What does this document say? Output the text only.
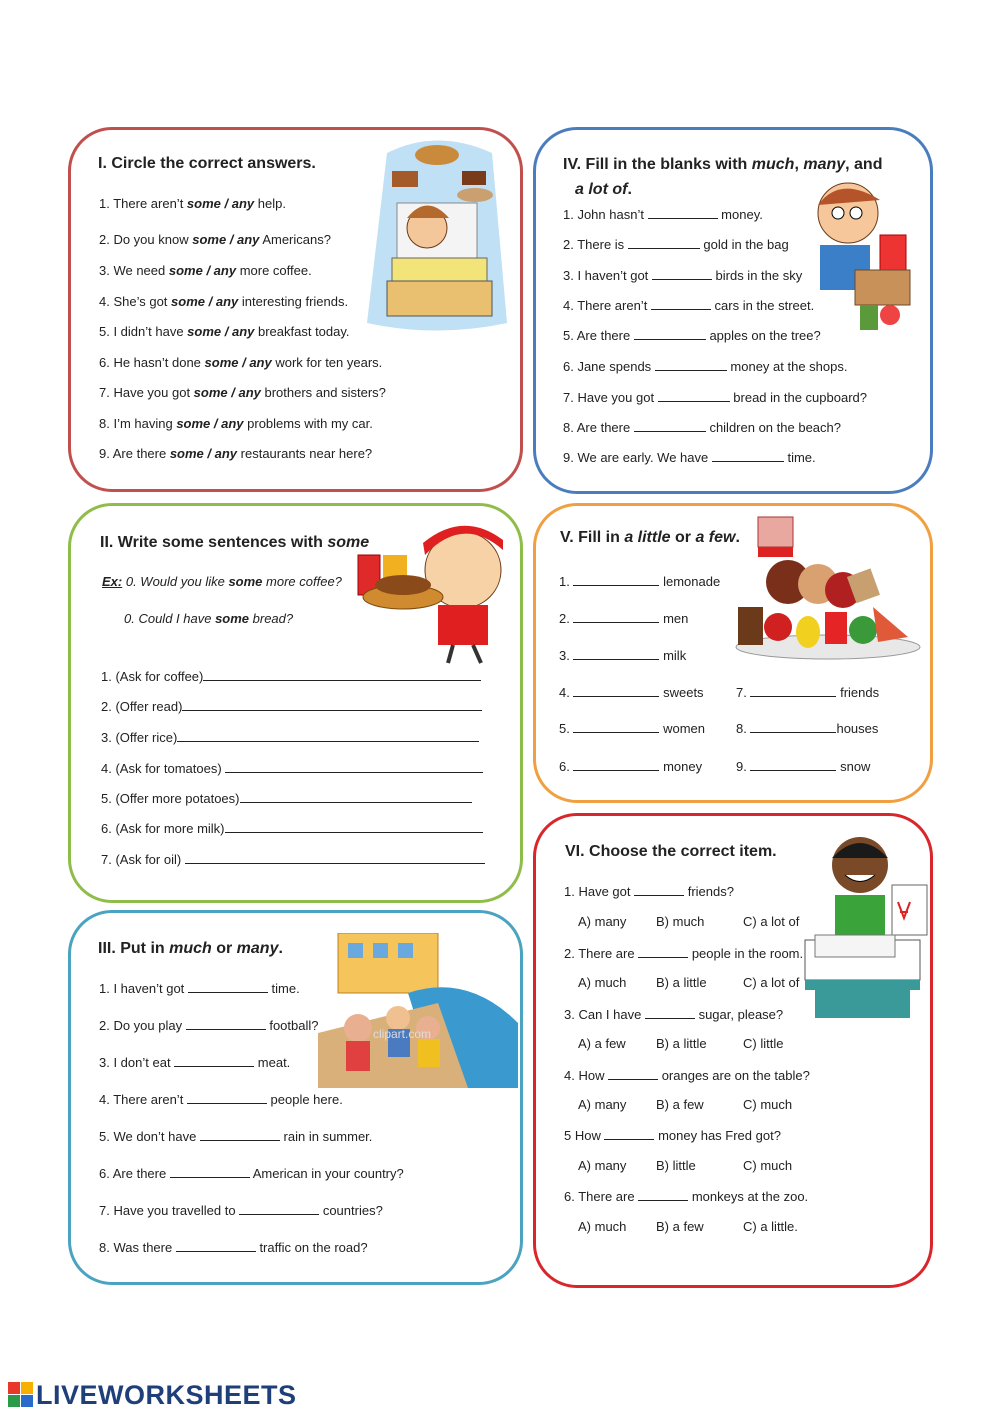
I. Circle the correct answers.
1. There aren’t some / any help.
2. Do you know some / any Americans?
3. We need some / any more coffee.
4. She’s got some / any interesting friends.
5. I didn’t have some / any breakfast today.
6. He hasn’t done some / any work for ten years.
7. Have you got some / any brothers and sisters?
8. I’m having some / any problems with my car.
9. Are there some / any restaurants near here?
IV. Fill in the blanks with much, many, and
a lot of.
1. John hasn’t	money.
2. There is	gold in the bag
3. I haven’t got	birds in the sky
4. There aren’t	cars in the street.
5. Are there	apples on the tree?
6. Jane spends	money at the shops.
7. Have you got	bread in the cupboard?
8. Are there	children on the beach?
9. We are early. We have	time.
II. Write some sentences with some
Ex: 0. Would you like some more coffee?
0. Could I have some bread?
1. (Ask for coffee)
2. (Offer read)
3. (Offer rice)
4. (Ask for tomatoes)
5. (Offer more potatoes)
6. (Ask for more milk)
7. (Ask for oil)
V. Fill in a little or a few.
1.	lemonade
2.	men
3.	milk
4.	sweets
5.	women
6.	money
7.	friends
8.	houses
9.	snow
III. Put in much or many.
1. I haven’t got	time.
2. Do you play	football?
3. I don’t eat	meat.
4. There aren’t	people here.
5. We don’t have	rain in summer.
6. Are there	American in your country?
7. Have you travelled to	countries?
8. Was there	traffic on the road?
clipart.com
VI. Choose the correct item.
1. Have got	friends?
A) many B) much	C) a lot of
2. There are	people in the room.
A) much B) a little	C) a lot of
3. Can I have	sugar, please?
A) a few B) a little	C) little
4. How	oranges are on the table?
A) many B) a few	C) much
5 How	money has Fred got?
A) many B) little	C) much
6. There are	monkeys at the zoo.
A) much B) a few	C) a little.
LIVEWORKSHEETS
